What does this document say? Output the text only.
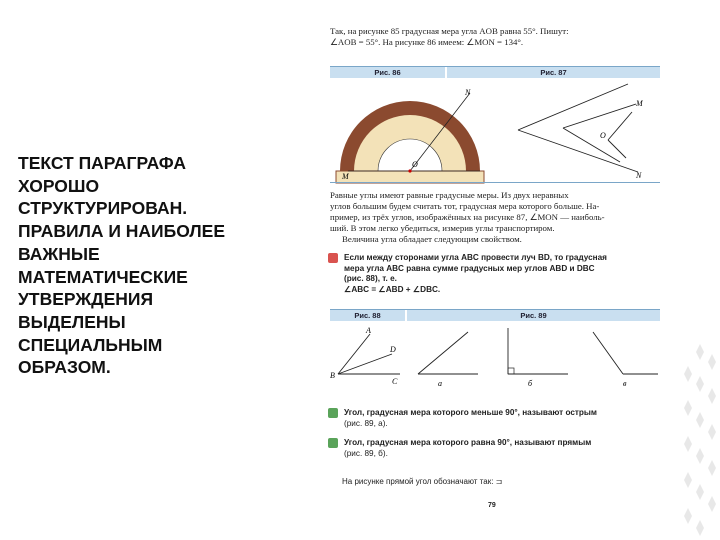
ТЕКСТ ПАРАГРАФА
ХОРОШО
СТРУКТУРИРОВАН.
ПРАВИЛА И НАИБОЛЕЕ
ВАЖНЫЕ
МАТЕМАТИЧЕСКИЕ
УТВЕРЖДЕНИЯ
ВЫДЕЛЕНЫ
СПЕЦИАЛЬНЫМ
ОБРАЗОМ.
Так, на рисунке 85 градусная мера угла AOB равна 55°. Пишут:
∠AOB = 55°. На рисунке 86 имеем: ∠MON = 134°.
Рис. 86	Рис. 87
N
M
O
M
O
N
Равные углы имеют равные градусные меры. Из двух неравных
углов большим будем считать тот, градусная мера которого больше. На-
пример, из трёх углов, изображённых на рисунке 87, ∠MON — наиболь-
ший. В этом легко убедиться, измерив углы транспортиром.
Величина угла обладает следующим свойством.
Если между сторонами угла ABC провести луч BD, то градусная
мера угла ABC равна сумме градусных мер углов ABD и DBC
(рис. 88), т. е.
∠ABC = ∠ABD + ∠DBC.
Рис. 88	Рис. 89
A
D
B
C	а	б	в
Угол, градусная мера которого меньше 90°, называют острым
(рис. 89, а).
Угол, градусная мера которого равна 90°, называют прямым
(рис. 89, б).
На рисунке прямой угол обозначают так: ⊐
79
